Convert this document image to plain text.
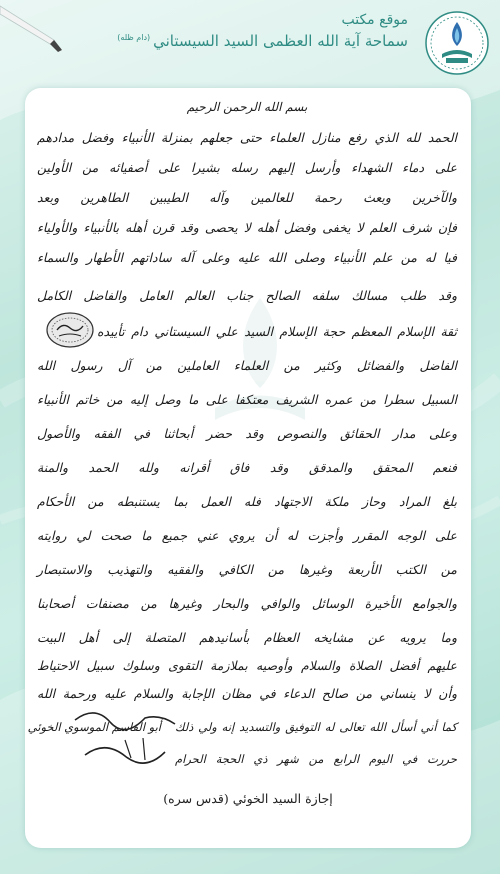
موقع مكتب
سماحة آية الله العظمى السيد السيستاني$^{(دام ظله)}$
بسم الله الرحمن الرحيم
الحمد لله الذي رفع منازل العلماء حتى جعلهم بمنزلة الأنبياء وفضل مدادهم
على دماء الشهداء وأرسل إليهم رسله بشيرا على أصفيائه من الأولين
والآخرين وبعث رحمة للعالمين وآله الطيبين الطاهرين وبعد
فإن شرف العلم لا يخفى وفضل أهله لا يحصى وقد قرن أهله بالأنبياء والأولياء
فيا له من علم الأنبياء وصلى الله عليه وعلى آله ساداتهم الأطهار والسماء
وقد طلب مسالك سلفه الصالح جناب العالم العامل والفاضل الكامل
ثقة الإسلام المعظم حجة الإسلام السيد علي السيستاني دام تأييده
الفاضل والفضائل وكثير من العلماء العاملين من آل رسول الله
السبيل سطرا من عمره الشريف معتكفا على ما وصل إليه من خاتم الأنبياء
وعلى مدار الحقائق والنصوص وقد حضر أبحاثنا في الفقه والأصول
فنعم المحقق والمدقق وقد فاق أقرانه ولله الحمد والمنة
بلغ المراد وحاز ملكة الاجتهاد فله العمل بما يستنبطه من الأحكام
على الوجه المقرر وأجزت له أن يروي عني جميع ما صحت لي روايته
من الكتب الأربعة وغيرها من الكافي والفقيه والتهذيب والاستبصار
والجوامع الأخيرة الوسائل والوافي والبحار وغيرها من مصنفات أصحابنا
وما يرويه عن مشايخه العظام بأسانيدهم المتصلة إلى أهل البيت
عليهم أفضل الصلاة والسلام وأوصيه بملازمة التقوى وسلوك سبيل الاحتياط
وأن لا ينساني من صالح الدعاء في مظان الإجابة والسلام عليه ورحمة الله
كما أني أسأل الله تعالى له التوفيق والتسديد إنه ولي ذلك
أبو القاسم الموسوي الخوئي
حررت في اليوم الرابع من شهر ذي الحجة الحرام
إجازة السيد الخوئي (قدس سره)
